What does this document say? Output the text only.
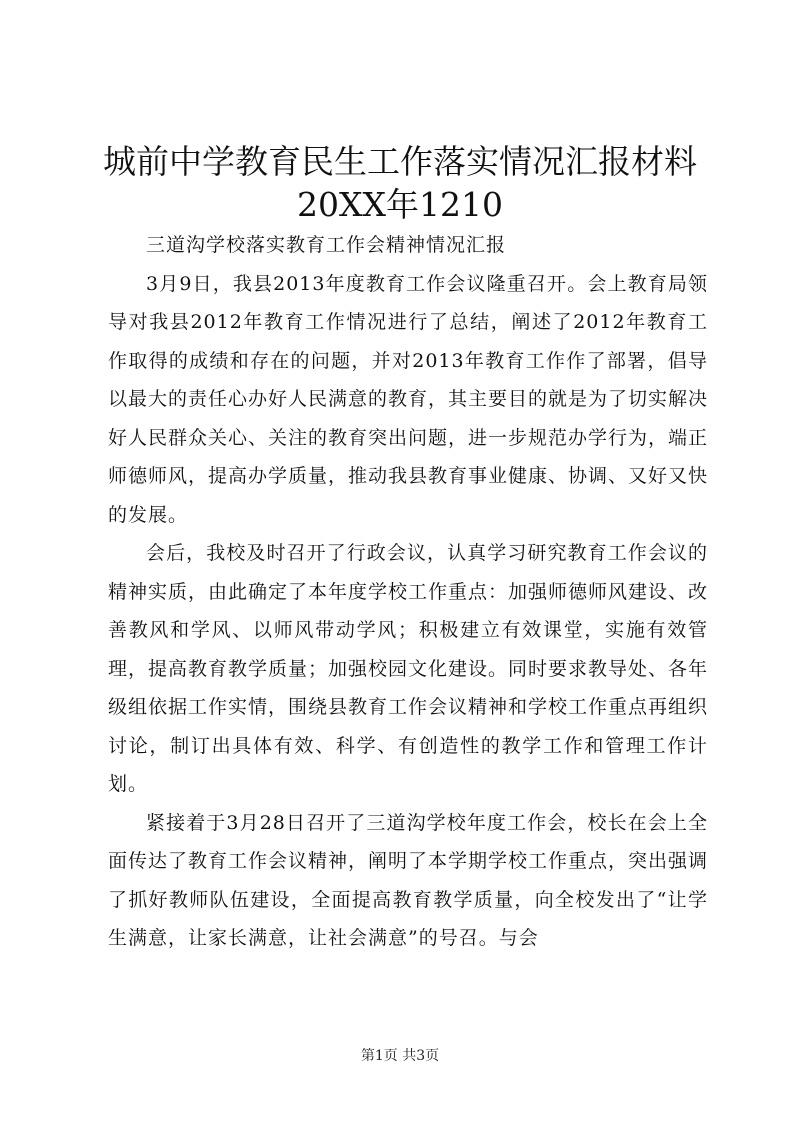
城前中学教育民生工作落实情况汇报材料
20XX年1210

三道沟学校落实教育工作会精神情况汇报

3月9日，我县2013年度教育工作会议隆重召开。会上教育局领导对我县2012年教育工作情况进行了总结，阐述了2012年教育工作取得的成绩和存在的问题，并对2013年教育工作作了部署，倡导以最大的责任心办好人民满意的教育，其主要目的就是为了切实解决好人民群众关心、关注的教育突出问题，进一步规范办学行为，端正师德师风，提高办学质量，推动我县教育事业健康、协调、又好又快的发展。

会后，我校及时召开了行政会议，认真学习研究教育工作会议的精神实质，由此确定了本年度学校工作重点：加强师德师风建设、改善教风和学风、以师风带动学风；积极建立有效课堂，实施有效管理，提高教育教学质量；加强校园文化建设。同时要求教导处、各年级组依据工作实情，围绕县教育工作会议精神和学校工作重点再组织讨论，制订出具体有效、科学、有创造性的教学工作和管理工作计划。

紧接着于3月28日召开了三道沟学校年度工作会，校长在会上全面传达了教育工作会议精神，阐明了本学期学校工作重点，突出强调了抓好教师队伍建设，全面提高教育教学质量，向全校发出了“让学生满意，让家长满意，让社会满意”的号召。与会

第1页 共3页
